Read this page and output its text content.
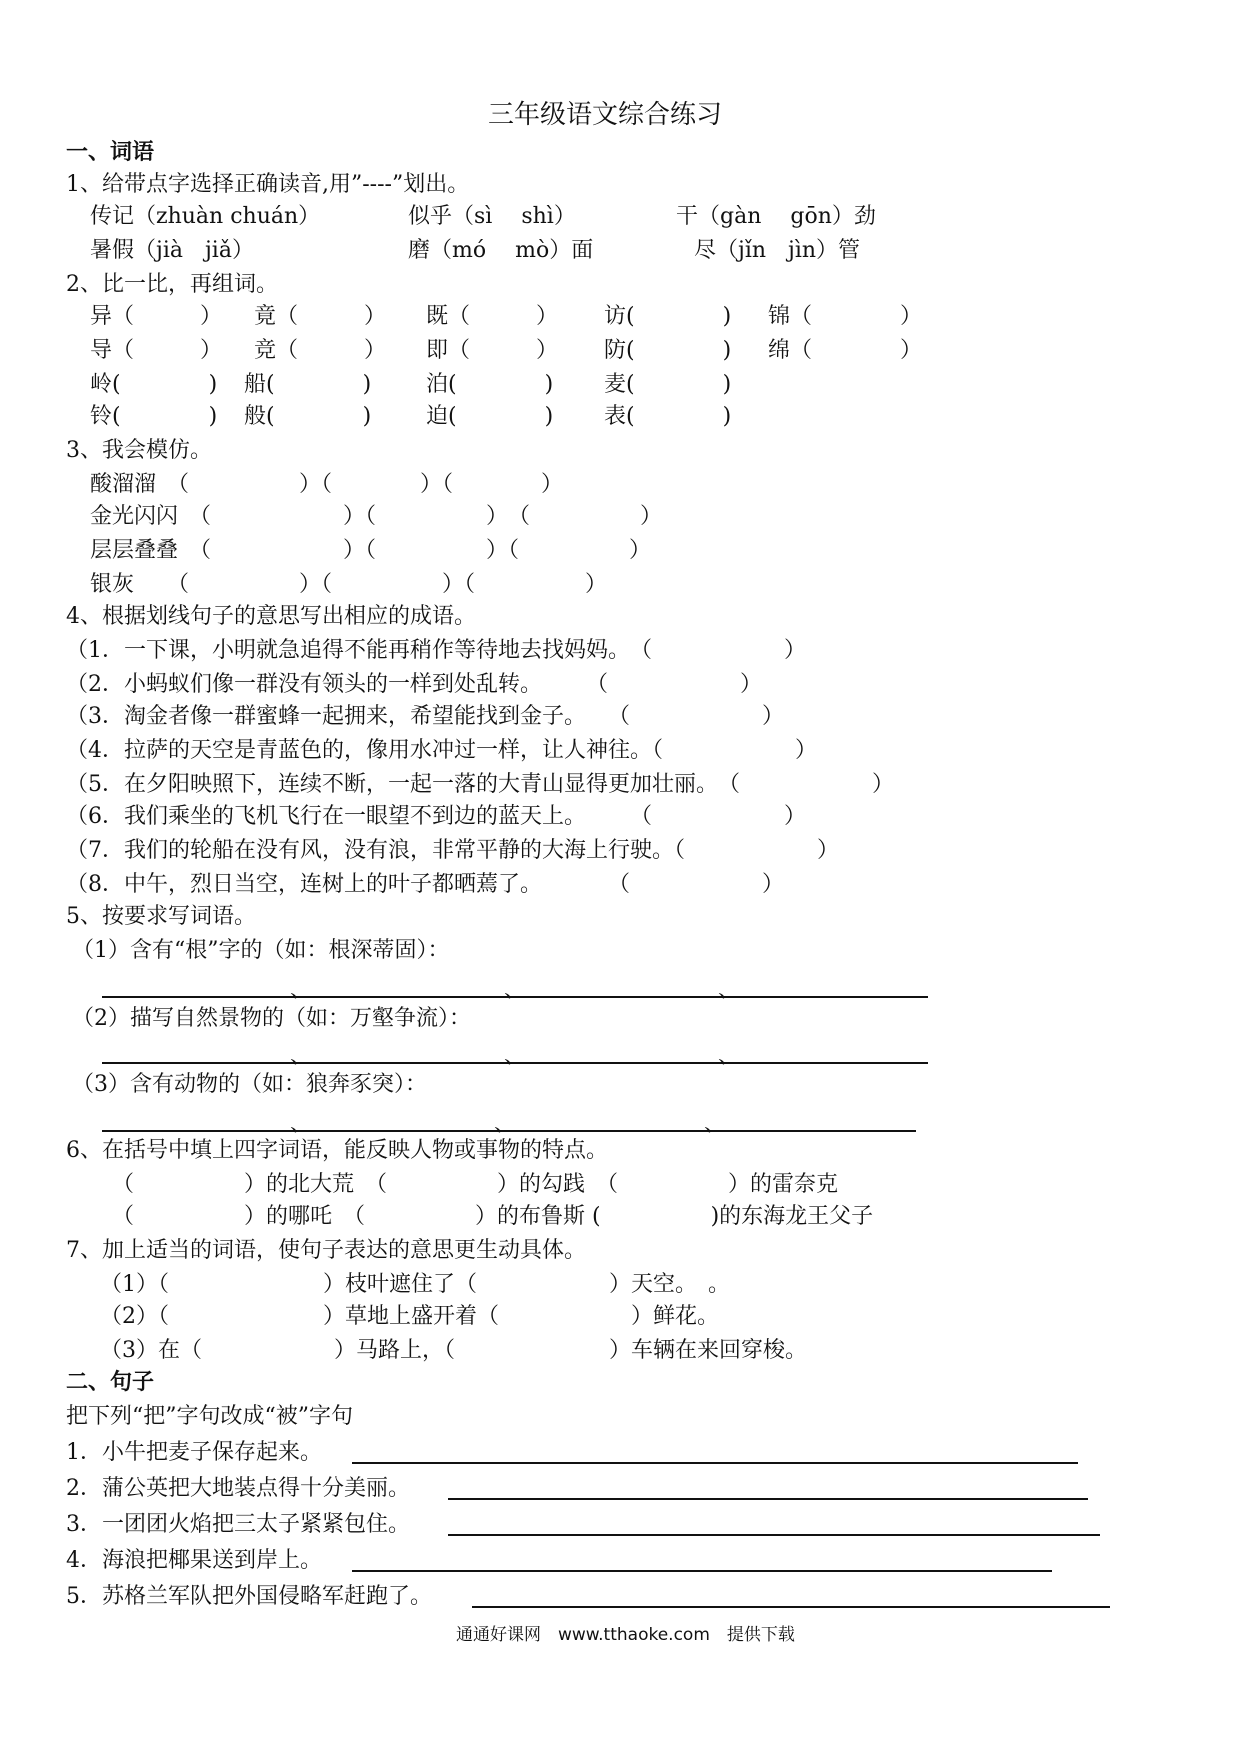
三年级语文综合练习
一、词语
1、给带点字选择正确读音,用”----”划出。
传记（zhuàn chuán）	似乎（sì　 shì）	干（gàn　 gōn）劲
暑假（jià　jiǎ）	磨（mó　 mò）面	尽（jǐn　jìn）管
2、比一比，再组词。
异（　　　） 竟（　　　） 既（　　　） 访(　　　　) 锦（　　　　）
导（　　　） 竞（　　　） 即（　　　） 防(　　　　) 绵（　　　　）
岭(　　　　) 船(　　　　) 泊(　　　　) 麦(　　　　)
铃(　　　　) 般(　　　　) 迫(　　　　) 表(　　　　)
3、我会模仿。
酸溜溜　（　　　　　）（　　　　）（　　　　）
金光闪闪　（　　　　　　）（　　　　　）　（　　　　　）
层层叠叠　（　　　　　　）（　　　　　）（　　　　　）
银灰　　（　　　　　）（　　　　　）（　　　　　）
4、根据划线句子的意思写出相应的成语。
（1．一下课，小明就急追得不能再稍作等待地去找妈妈。　（　　　　　　）
（2．小蚂蚁们像一群没有领头的一样到处乱转。　　　（　　　　　　）
（3．淘金者像一群蜜蜂一起拥来，希望能找到金子。　　（　　　　　　）
（4．拉萨的天空是青蓝色的，像用水冲过一样，让人神往。（　　　　　　）
（5．在夕阳映照下，连续不断，一起一落的大青山显得更加壮丽。　（　　　　　　）
（6．我们乘坐的飞机飞行在一眼望不到边的蓝天上。　　　（　　　　　　）
（7．我们的轮船在没有风，没有浪，非常平静的大海上行驶。（　　　　　　）
（8．中午，烈日当空，连树上的叶子都晒蔫了。　　　　（　　　　　　）
5、按要求写词语。
（1）含有“根”字的（如：根深蒂固）：
、	、	、
（2）描写自然景物的（如：万壑争流）：
、	、	、
（3）含有动物的（如：狼奔豕突）：
、	、	、
6、在括号中填上四字词语，能反映人物或事物的特点。
（　　　　　）的北大荒　（　　　　　）的勾践　（　　　　　）的雷奈克
（　　　　　）的哪吒　（　　　　　）的布鲁斯 (　　　　　)的东海龙王父子
7、加上适当的词语，使句子表达的意思更生动具体。
（1）（　　　　　　　）枝叶遮住了（　　　　　　）天空。　。
（2）（　　　　　　　）草地上盛开着（　　　　　　）鲜花。
（3）在（　　　　　　）马路上，（　　　　　　　）车辆在来回穿梭。
二、句子
把下列“把”字句改成“被”字句
1．小牛把麦子保存起来。
2．蒲公英把大地装点得十分美丽。
3．一团团火焰把三太子紧紧包住。
4．海浪把椰果送到岸上。
5．苏格兰军队把外国侵略军赶跑了。
通通好课网　www.tthaoke.com　提供下载
